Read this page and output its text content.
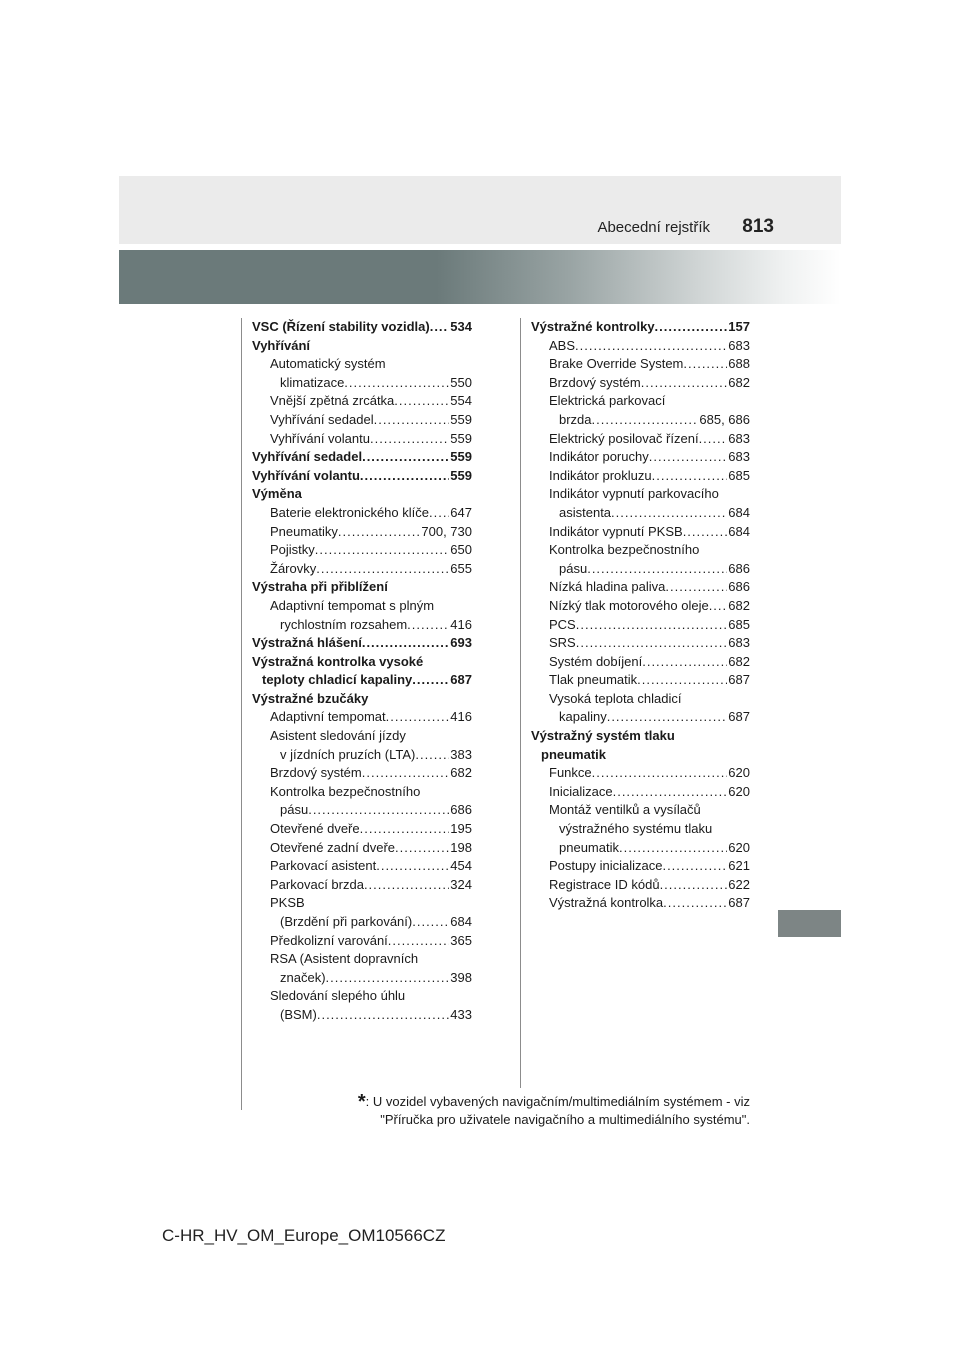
Abecední rejstřík 813
VSC (Řízení stability vozidla) ..... 534
Vyhřívání
Automatický systém
klimatizace .....	550
Vnější zpětná zrcátka .....	554
Vyhřívání sedadel .....	559
Vyhřívání volantu .....	559
Vyhřívání sedadel .....	559
Vyhřívání volantu .....	559
Výměna
Baterie elektronického klíče ..... 647
Pneumatiky .....	700, 730
Pojistky .....	650
Žárovky .....	655
Výstraha při přiblížení
Adaptivní tempomat s plným
rychlostním rozsahem .....	416
Výstražná hlášení .....	693
Výstražná kontrolka vysoké
teploty chladicí kapaliny .....	687
Výstražné bzučáky
Adaptivní tempomat .....	416
Asistent sledování jízdy
v jízdních pruzích (LTA) .....	383
Brzdový systém .....	682
Kontrolka bezpečnostního
pásu .....	686
Otevřené dveře .....	195
Otevřené zadní dveře .....	198
Parkovací asistent .....	454
Parkovací brzda .....	324
PKSB
(Brzdění při parkování) .....	684
Předkolizní varování .....	365
RSA (Asistent dopravních
značek) .....	398
Sledování slepého úhlu
(BSM) .....	433
Výstražné kontrolky .....	157
ABS .....	683
Brake Override System .....	688
Brzdový systém .....	682
Elektrická parkovací
brzda .....	685, 686
Elektrický posilovač řízení ..... 683
Indikátor poruchy .....	683
Indikátor prokluzu .....	685
Indikátor vypnutí parkovacího
asistenta .....	684
Indikátor vypnutí PKSB .....	684
Kontrolka bezpečnostního
pásu .....	686
Nízká hladina paliva .....	686
Nízký tlak motorového oleje ..... 682
PCS .....	685
SRS .....	683
Systém dobíjení .....	682
Tlak pneumatik .....	687
Vysoká teplota chladicí
kapaliny .....	687
Výstražný systém tlaku
pneumatik
Funkce .....	620
Inicializace .....	620
Montáž ventilků a vysílačů
výstražného systému tlaku
pneumatik .....	620
Postupy inicializace .....	621
Registrace ID kódů .....	622
Výstražná kontrolka .....	687
*: U vozidel vybavených navigačním/multimediálním systémem - viz
"Příručka pro uživatele navigačního a multimediálního systému".
C-HR_HV_OM_Europe_OM10566CZ
